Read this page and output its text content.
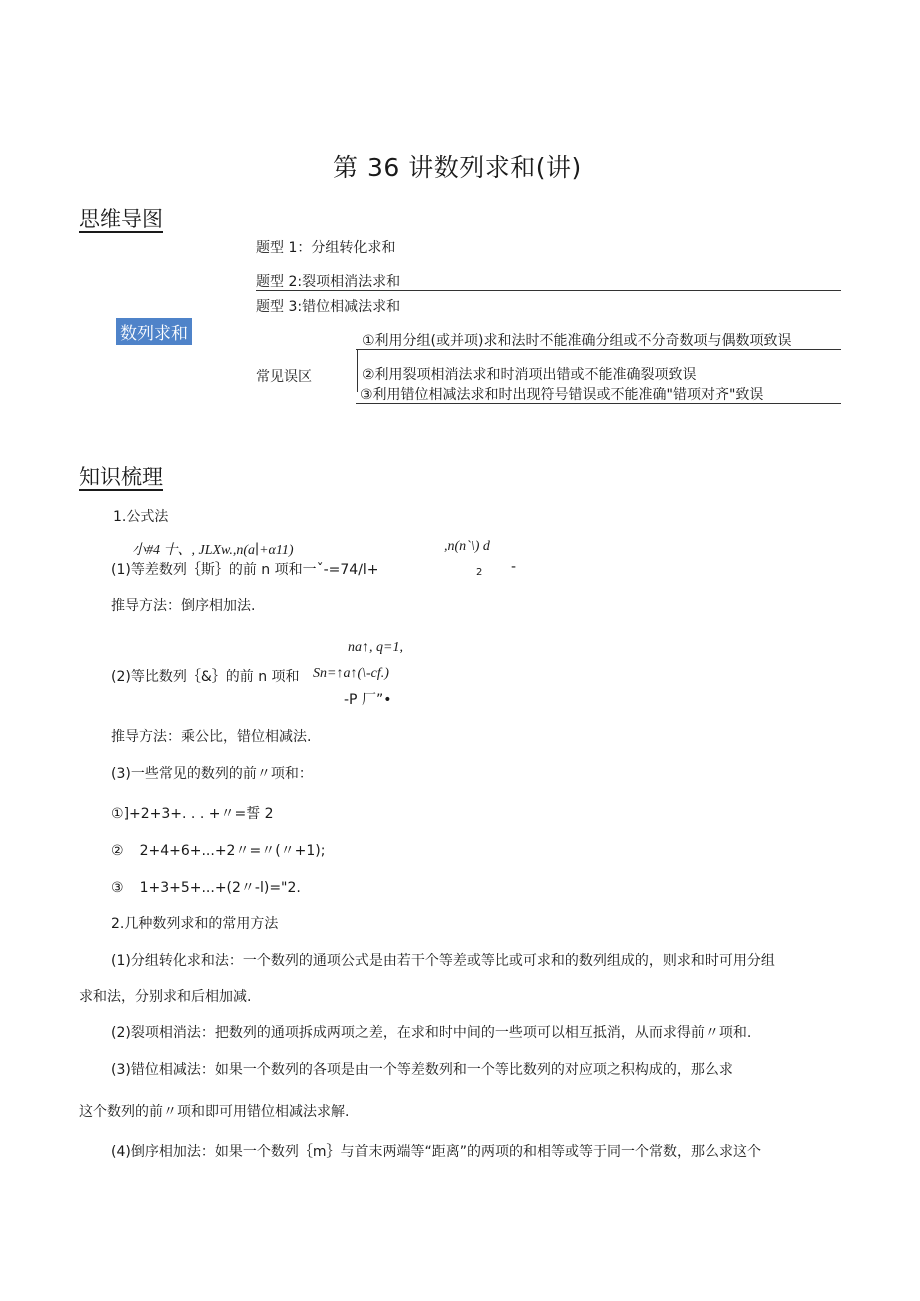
第 36 讲数列求和(讲)
思维导图
数列求和
题型 1：分组转化求和
题型 2:裂项相消法求和
题型 3:错位相减法求和
常见误区
①利用分组(或并项)求和法时不能准确分组或不分奇数项与偶数项致误
②利用裂项相消法求和时消项出错或不能准确裂项致误
③利用错位相减法求和时出现符号错误或不能准确"错项对齐"致误
知识梳理
1.公式法
小#4 十、, JLXw.,n(a∣+α11)	,n(n`\) d
(1)等差数列｛斯｝的前 n 项和一ˇ-=74∕l+	2 -
推导方法：倒序相加法.
na↑, q=1,
(2)等比数列｛&｝的前 n 项和 Sn=↑a↑(\-cf.)
-P 厂”•
推导方法：乘公比，错位相减法.
(3)一些常见的数列的前〃项和：
①]+2+3+. . . +〃=誓 2
② 2+4+6+...+2〃=〃(〃+1);
③ 1+3+5+...+(2〃-l)="2.
2.几种数列求和的常用方法
(1)分组转化求和法：一个数列的通项公式是由若干个等差或等比或可求和的数列组成的，则求和时可用分组
求和法，分别求和后相加减.
(2)裂项相消法：把数列的通项拆成两项之差，在求和时中间的一些项可以相互抵消，从而求得前〃项和.
(3)错位相减法：如果一个数列的各项是由一个等差数列和一个等比数列的对应项之积构成的，那么求
这个数列的前〃项和即可用错位相减法求解.
(4)倒序相加法：如果一个数列｛m｝与首末两端等“距离”的两项的和相等或等于同一个常数，那么求这个
